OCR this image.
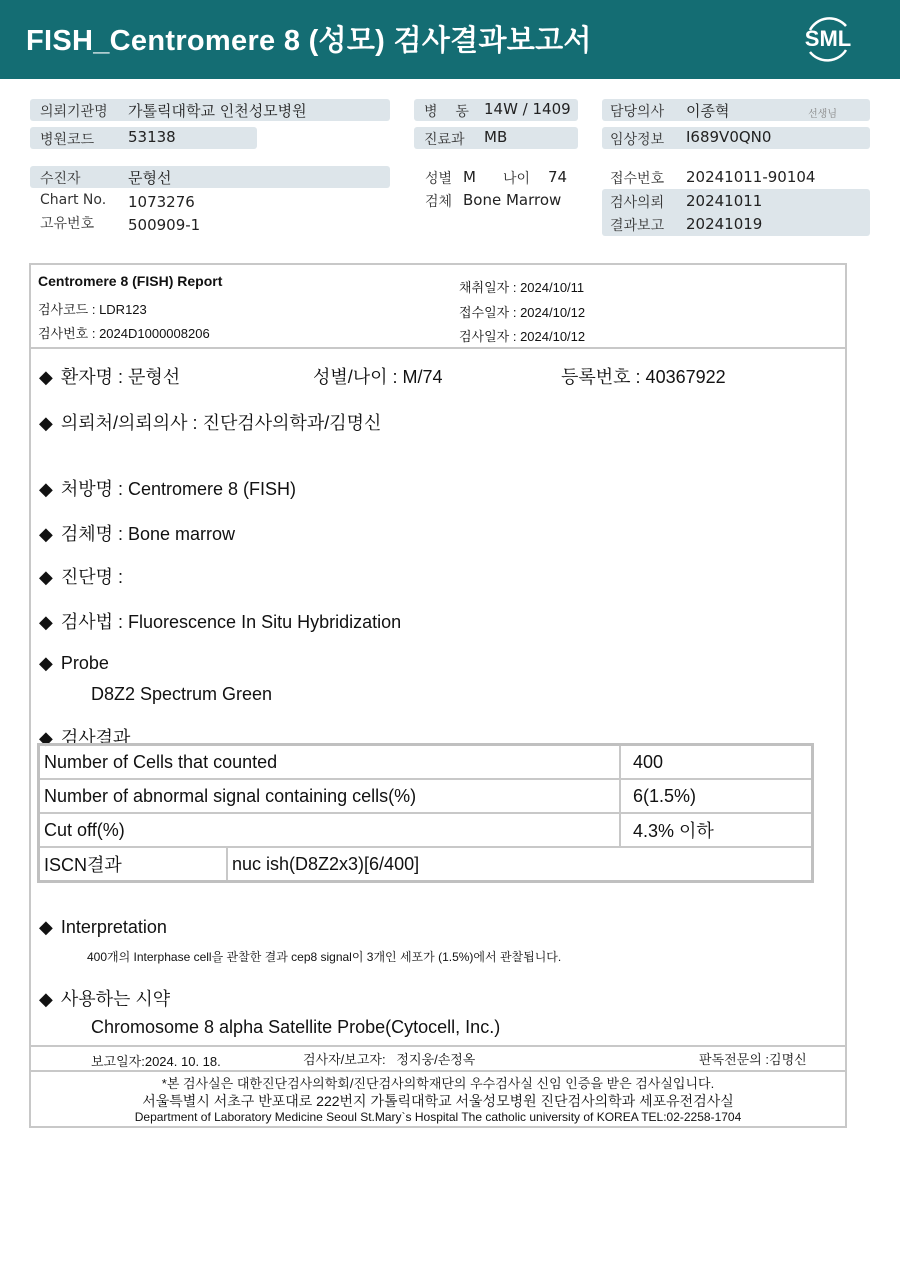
FISH_Centromere 8 (성모) 검사결과보고서	SML
의뢰기관명 가톨릭대학교 인천성모병원
병원코드 53138
병    동 14W / 1409
진료과 MB
담당의사 이종혁	선생님
임상정보 I689V0QN0
수진자	문형선
Chart No. 1073276
고유번호 500909-1
성별 M 나이 74
검체 Bone Marrow
접수번호 20241011-90104
검사의뢰 20241011
결과보고 20241019
Centromere 8 (FISH) Report
검사코드 : LDR123
검사번호 : 2024D1000008206
채취일자 : 2024/10/11
접수일자 : 2024/10/12
검사일자 : 2024/10/12
◆ 환자명 : 문형선	성별/나이 : M/74	등록번호 : 40367922
◆ 의뢰처/의뢰의사 : 진단검사의학과/김명신
◆ 처방명 : Centromere 8 (FISH)
◆ 검체명 : Bone marrow
◆ 진단명 :
◆ 검사법 : Fluorescence In Situ Hybridization
◆ Probe
D8Z2 Spectrum Green
◆ 검사결과
Number of Cells that counted		400
Number of abnormal signal containing cells(%)		6(1.5%)
Cut off(%)		4.3% 이하
ISCN결과	nuc ish(D8Z2x3)[6/400]	
◆ Interpretation
400개의 Interphase cell을 관찰한 결과 cep8 signal이 3개인 세포가 (1.5%)에서 관찰됩니다.
◆ 사용하는 시약
Chromosome 8 alpha Satellite Probe(Cytocell, Inc.)
보고일자:2024. 10. 18.	검사자/보고자:   정지웅/손정옥	판독전문의 :김명신
*본 검사실은 대한진단검사의학회/진단검사의학재단의 우수검사실 신임 인증을 받은 검사실입니다.
서울특별시 서초구 반포대로 222번지 가톨릭대학교 서울성모병원 진단검사의학과 세포유전검사실
Department of Laboratory Medicine Seoul St.Mary`s Hospital The catholic university of KOREA TEL:02-2258-1704
